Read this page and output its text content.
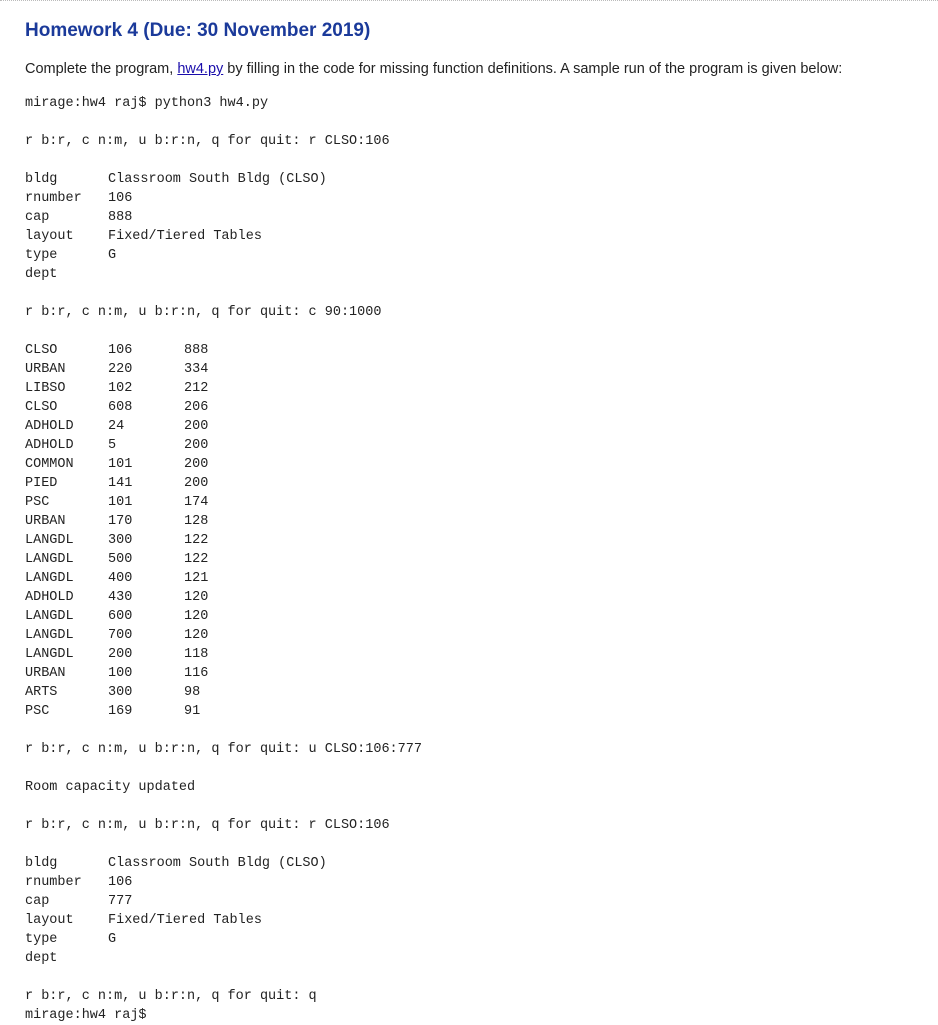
Homework 4 (Due: 30 November 2019)

Complete the program, hw4.py by filling in the code for missing function definitions. A sample run of the program is given below:

mirage:hw4 raj$ python3 hw4.py
r b:r, c n:m, u b:r:n, q for quit: r CLSO:106
bldg	Classroom South Bldg (CLSO)
rnumber 106
cap	888
layout	Fixed/Tiered Tables
type	G
dept
r b:r, c n:m, u b:r:n, q for quit: c 90:1000
CLSO	106	888
URBAN	220	334
LIBSO	102	212
CLSO	608	206
ADHOLD	24	200
ADHOLD	5	200
COMMON	101	200
PIED	141	200
PSC	101	174
URBAN	170	128
LANGDL	300	122
LANGDL	500	122
LANGDL	400	121
ADHOLD	430	120
LANGDL	600	120
LANGDL	700	120
LANGDL	200	118
URBAN	100	116
ARTS	300	98
PSC	169	91
r b:r, c n:m, u b:r:n, q for quit: u CLSO:106:777
Room capacity updated
r b:r, c n:m, u b:r:n, q for quit: r CLSO:106
bldg	Classroom South Bldg (CLSO)
rnumber 106
cap	777
layout	Fixed/Tiered Tables
type	G
dept
r b:r, c n:m, u b:r:n, q for quit: q
mirage:hw4 raj$
